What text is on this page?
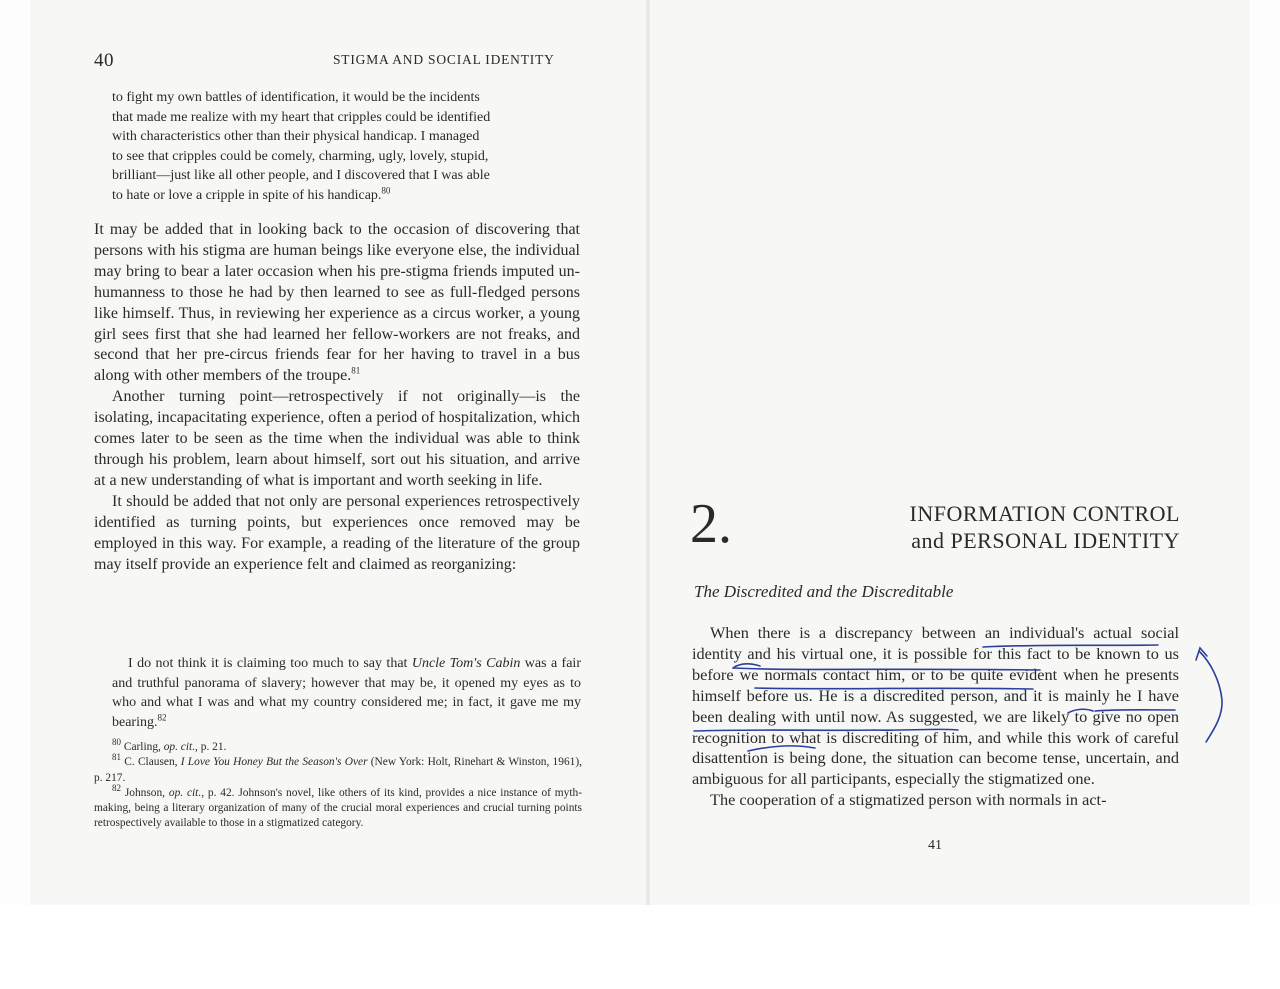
40	STIGMA AND SOCIAL IDENTITY
to fight my own battles of identification, it would be the incidents
that made me realize with my heart that cripples could be identified
with characteristics other than their physical handicap. I managed
to see that cripples could be comely, charming, ugly, lovely, stupid,
brilliant—just like all other people, and I discovered that I was able
to hate or love a cripple in spite of his handicap.$^{80}$

It may be added that in looking back to the occasion of discovering that persons with his stigma are human beings like everyone else, the individual may bring to bear a later occasion when his pre-stigma friends imputed un-humanness to those he had by then learned to see as full-fledged persons like himself. Thus, in reviewing her experience as a circus worker, a young girl sees first that she had learned her fellow-workers are not freaks, and second that her pre-circus friends fear for her having to travel in a bus along with other members of the troupe.$^{81}$

Another turning point—retrospectively if not originally—is the isolating, incapacitating experience, often a period of hospitalization, which comes later to be seen as the time when the individual was able to think through his problem, learn about himself, sort out his situation, and arrive at a new understanding of what is important and worth seeking in life.

It should be added that not only are personal experiences retrospectively identified as turning points, but experiences once removed may be employed in this way. For example, a reading of the literature of the group may itself provide an experience felt and claimed as reorganizing:

I do not think it is claiming too much to say that Uncle Tom's Cabin was a fair and truthful panorama of slavery; however that may be, it opened my eyes as to who and what I was and what my country considered me; in fact, it gave me my bearing.$^{82}$
$^{80}$ Carling, op. cit., p. 21.
$^{81}$ C. Clausen, I Love You Honey But the Season's Over (New York: Holt, Rinehart & Winston, 1961), p. 217.
$^{82}$ Johnson, op. cit., p. 42. Johnson's novel, like others of its kind, provides a nice instance of myth-making, being a literary organization of many of the crucial moral experiences and crucial turning points retrospectively available to those in a stigmatized category.
2.	INFORMATION CONTROL
and PERSONAL IDENTITY
The Discredited and the Discreditable

When there is a discrepancy between an individual's actual social identity and his virtual one, it is possible for this fact to be known to us before we normals contact him, or to be quite evident when he presents himself before us. He is a discredited person, and it is mainly he I have been dealing with until now. As suggested, we are likely to give no open recognition to what is discrediting of him, and while this work of careful disattention is being done, the situation can become tense, uncertain, and ambiguous for all participants, especially the stigmatized one.

The cooperation of a stigmatized person with normals in act-

41
